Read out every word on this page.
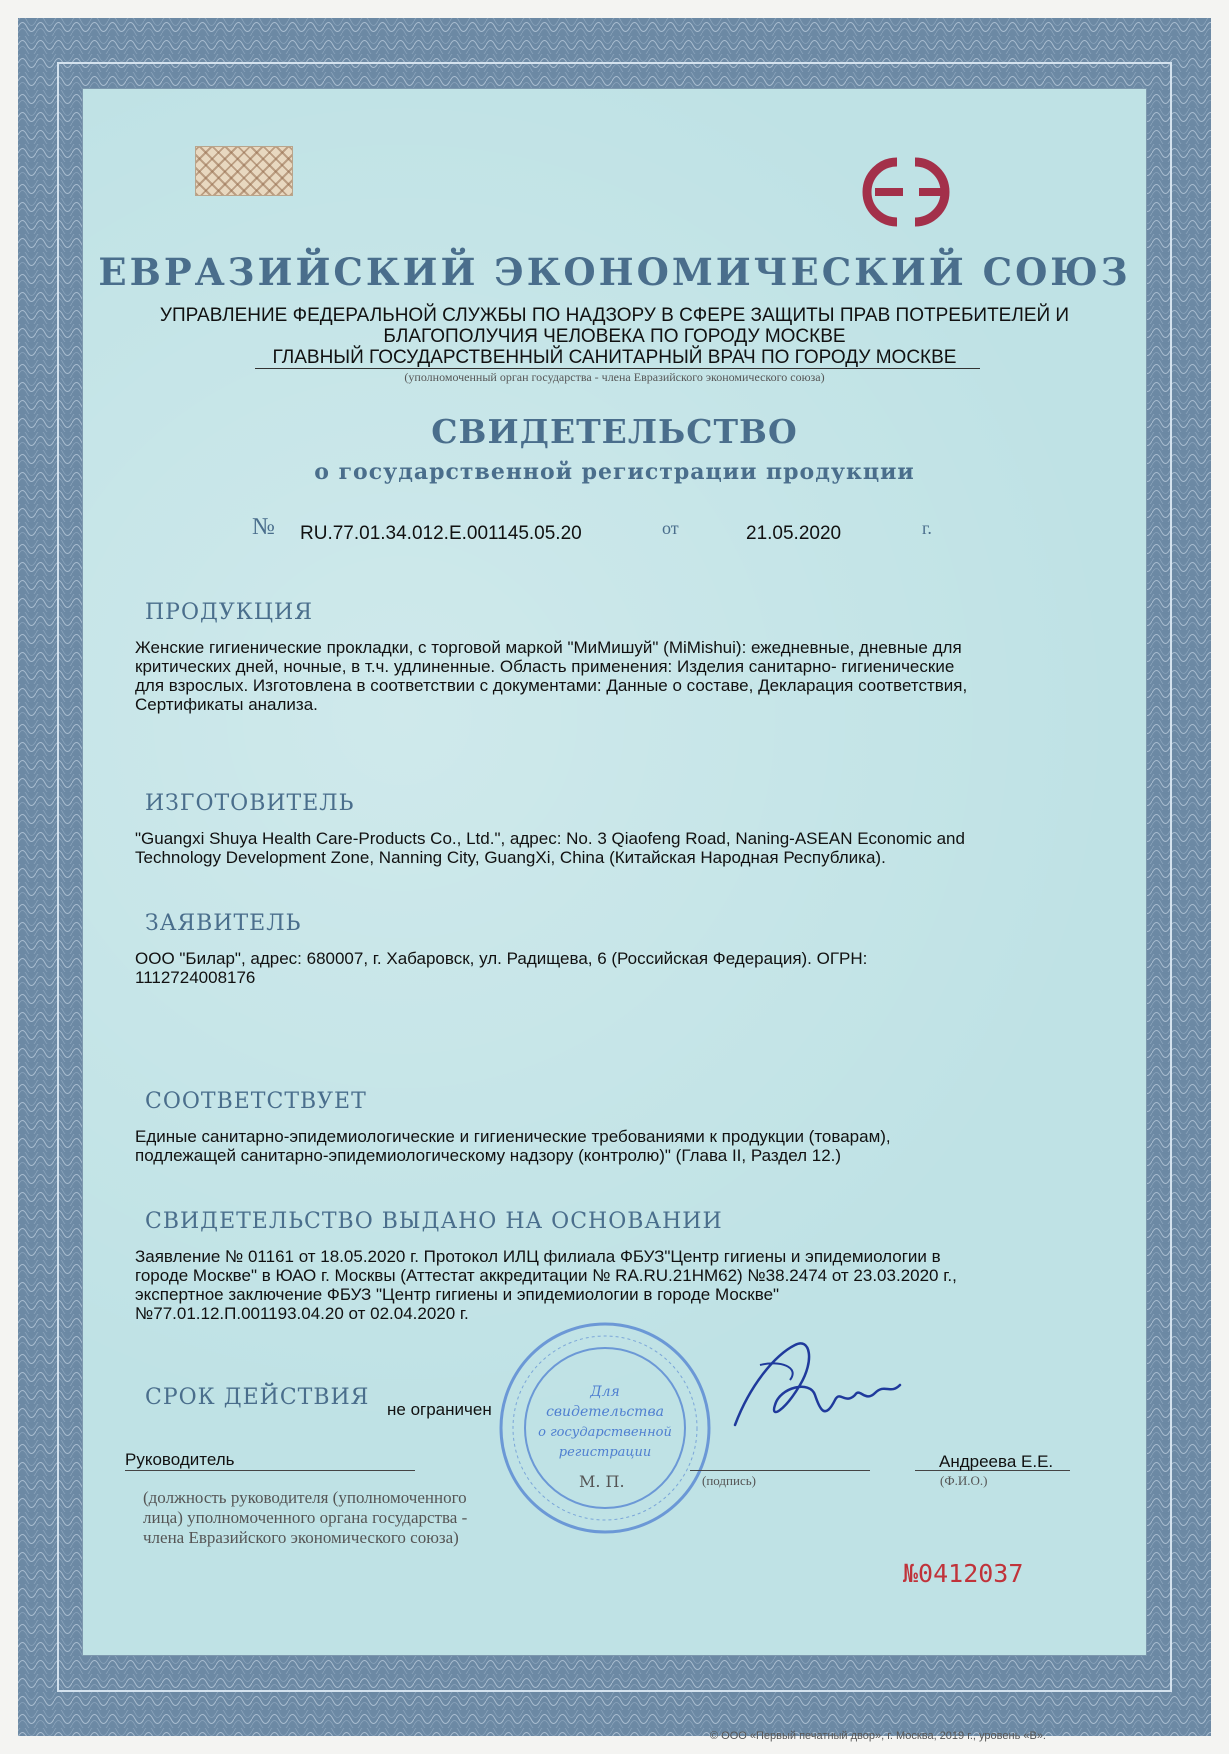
ЕВРАЗИЙСКИЙ ЭКОНОМИЧЕСКИЙ СОЮЗ
УПРАВЛЕНИЕ ФЕДЕРАЛЬНОЙ СЛУЖБЫ ПО НАДЗОРУ В СФЕРЕ ЗАЩИТЫ ПРАВ ПОТРЕБИТЕЛЕЙ И
БЛАГОПОЛУЧИЯ ЧЕЛОВЕКА ПО ГОРОДУ МОСКВЕ
ГЛАВНЫЙ ГОСУДАРСТВЕННЫЙ САНИТАРНЫЙ ВРАЧ ПО ГОРОДУ МОСКВЕ
(уполномоченный орган государства - члена Евразийского экономического союза)
СВИДЕТЕЛЬСТВО
о государственной регистрации продукции
№ RU.77.01.34.012.E.001145.05.20	от	21.05.2020	г.
ПРОДУКЦИЯ
Женские гигиенические прокладки, с торговой маркой "МиМишуй" (MiMishui): ежедневные, дневные для
критических дней, ночные, в т.ч. удлиненные. Область применения: Изделия санитарно- гигиенические
для взрослых. Изготовлена в соответствии с документами: Данные о составе, Декларация соответствия,
Сертификаты анализа.
ИЗГОТОВИТЕЛЬ
"Guangxi Shuya Health Care-Products Co., Ltd.", адрес: No. 3 Qiaofeng Road, Naning-ASEAN Economic and
Technology Development Zone, Nanning City, GuangXi, China (Китайская Народная Республика).
ЗАЯВИТЕЛЬ
ООО "Билар", адрес: 680007, г. Хабаровск, ул. Радищева, 6 (Российская Федерация). ОГРН:
1112724008176
СООТВЕТСТВУЕТ
Единые санитарно-эпидемиологические и гигиенические требованиями к продукции (товарам),
подлежащей санитарно-эпидемиологическому надзору (контролю)" (Глава II, Раздел 12.)
СВИДЕТЕЛЬСТВО ВЫДАНО НА ОСНОВАНИИ
Заявление № 01161 от 18.05.2020 г. Протокол ИЛЦ филиала ФБУЗ"Центр гигиены и эпидемиологии в
городе Москве" в ЮАО г. Москвы (Аттестат аккредитации № RA.RU.21НМ62) №38.2474 от 23.03.2020 г.,
экспертное заключение ФБУЗ "Центр гигиены и эпидемиологии в городе Москве"
№77.01.12.П.001193.04.20 от 02.04.2020 г.
СРОК ДЕЙСТВИЯ не ограничен
Для
свидетельства
о государственной
регистрации
Руководитель
М. П.	(подпись)	(Ф.И.О.)
Андреева Е.Е.
(должность руководителя (уполномоченного
лица) уполномоченного органа государства -
члена Евразийского экономического союза)
№0412037
© ООО «Первый печатный двор», г. Москва, 2019 г., уровень «В».
